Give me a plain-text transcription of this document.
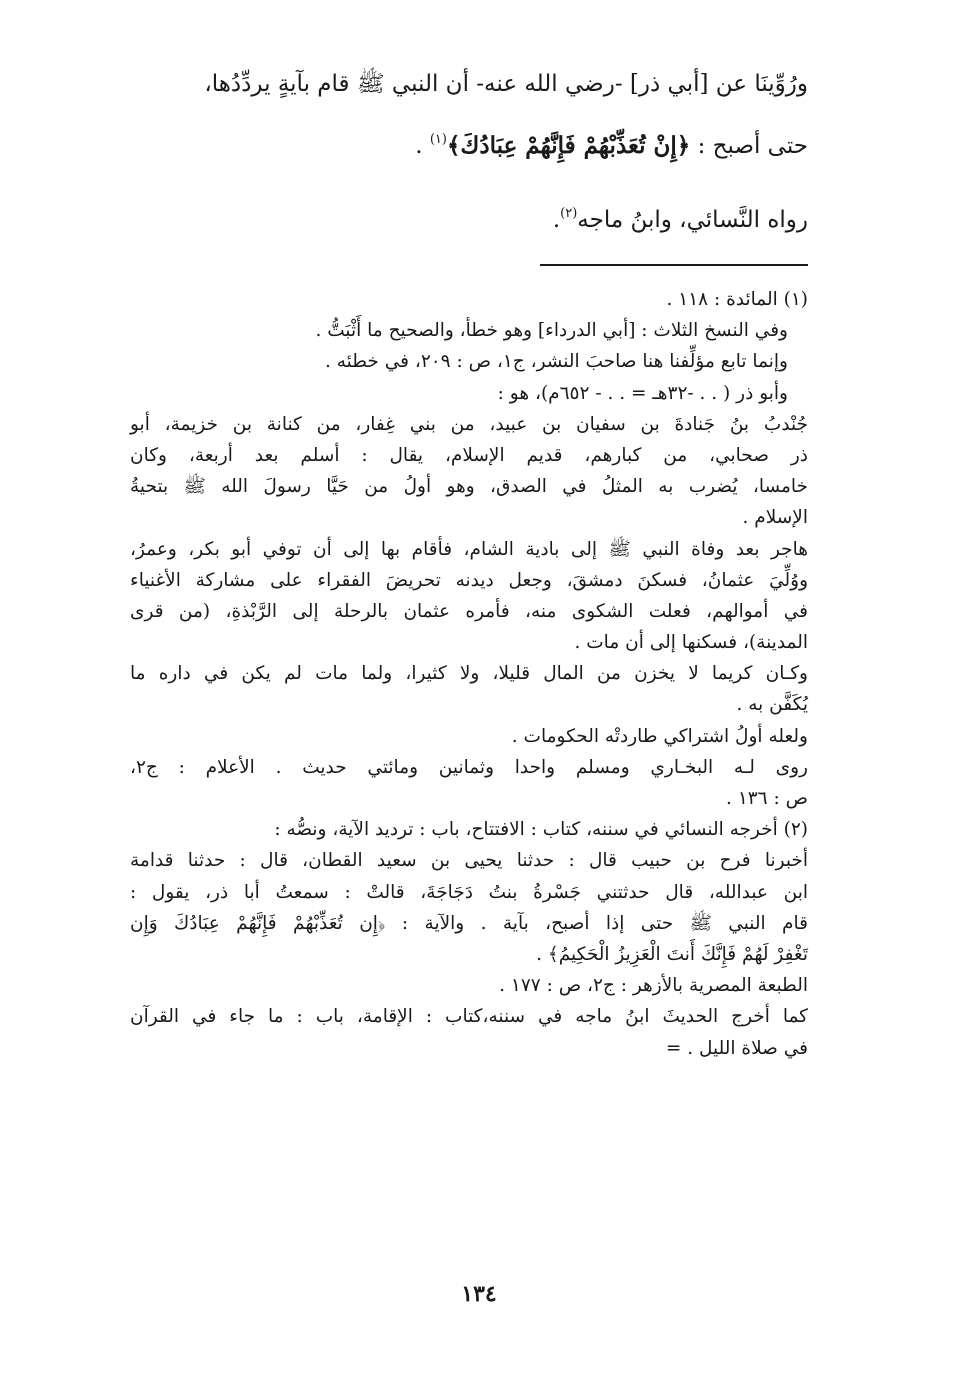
ورُوِّينَا عن [أبي ذر] -رضي الله عنه- أن النبي ﷺ قام بآيةٍ يردِّدُها،
حتى أصبح : ﴿إِنْ تُعَذِّبْهُمْ فَإِنَّهُمْ عِبَادُكَ﴾$^{(١)}$ .
رواه النَّسائي، وابنُ ماجه$^{(٢)}$.
(١) المائدة : ١١٨ .
وفي النسخ الثلاث : [أبي الدرداء] وهو خطأ، والصحيح ما أَثْبَتُّ .
وإنما تابع مؤلِّفنا هنا صاحبَ النشر، ج١، ص : ٢٠٩، في خطئه .
وأبو ذر ( . . -٣٢هـ = . . - ٦٥٢م)، هو :
جُنْدبُ بنُ جَنادةَ بن سفيان بن عبيد، من بني غِفار، من كنانة بن خزيمة، أبو
ذر صحابي، من كبارهم، قديم الإسلام، يقال : أسلم بعد أربعة، وكان
خامسا، يُضرب به المثلُ في الصدق، وهو أولُ من حَيَّا رسولَ الله ﷺ بتحيةُ
الإسلام .
هاجر بعد وفاة النبي ﷺ إلى بادية الشام، فأقام بها إلى أن توفي أبو بكر، وعمرُ،
ووُلِّيَ عثمانُ، فسكنَ دمشقَ، وجعل ديدنه تحريضَ الفقراء على مشاركة الأغنياء
في أموالهم، فعلت الشكوى منه، فأمره عثمان بالرحلة إلى الرَّبْذةِ، (من قرى
المدينة)، فسكنها إلى أن مات .
وكـان كريما لا يخزن من المال قليلا، ولا كثيرا، ولما مات لم يكن في داره ما
يُكَفَّن به .
ولعله أولُ اشتراكي طاردتْه الحكومات .
روى لـه البخـاري ومسلم واحدا وثمانين ومائتي حديث . الأعلام : ج٢،
ص : ١٣٦ .
(٢) أخرجه النسائي في سننه، كتاب : الافتتاح، باب : ترديد الآية، ونصُّه :
أخبرنا فرح بن حبيب قال : حدثنا يحيى بن سعيد القطان، قال : حدثنا قدامة
ابن عبدالله، قال حدثتني جَسْرةُ بنتُ دَجَاجَةَ، قالتْ : سمعتُ أبا ذر، يقول :
قام النبي ﷺ حتى إذا أصبح، بآية . والآية : ﴿إِن تُعَذِّبْهُمْ فَإِنَّهُمْ عِبَادُكَ وَإِن
تَغْفِرْ لَهُمْ فَإِنَّكَ أَنتَ الْعَزِيزُ الْحَكِيمُ﴾ .
الطبعة المصرية بالأزهر : ج٢، ص : ١٧٧ .
كما أخرج الحديثَ ابنُ ماجه في سننه،كتاب : الإقامة، باب : ما جاء في القرآن
في صلاة الليل . =
١٣٤
